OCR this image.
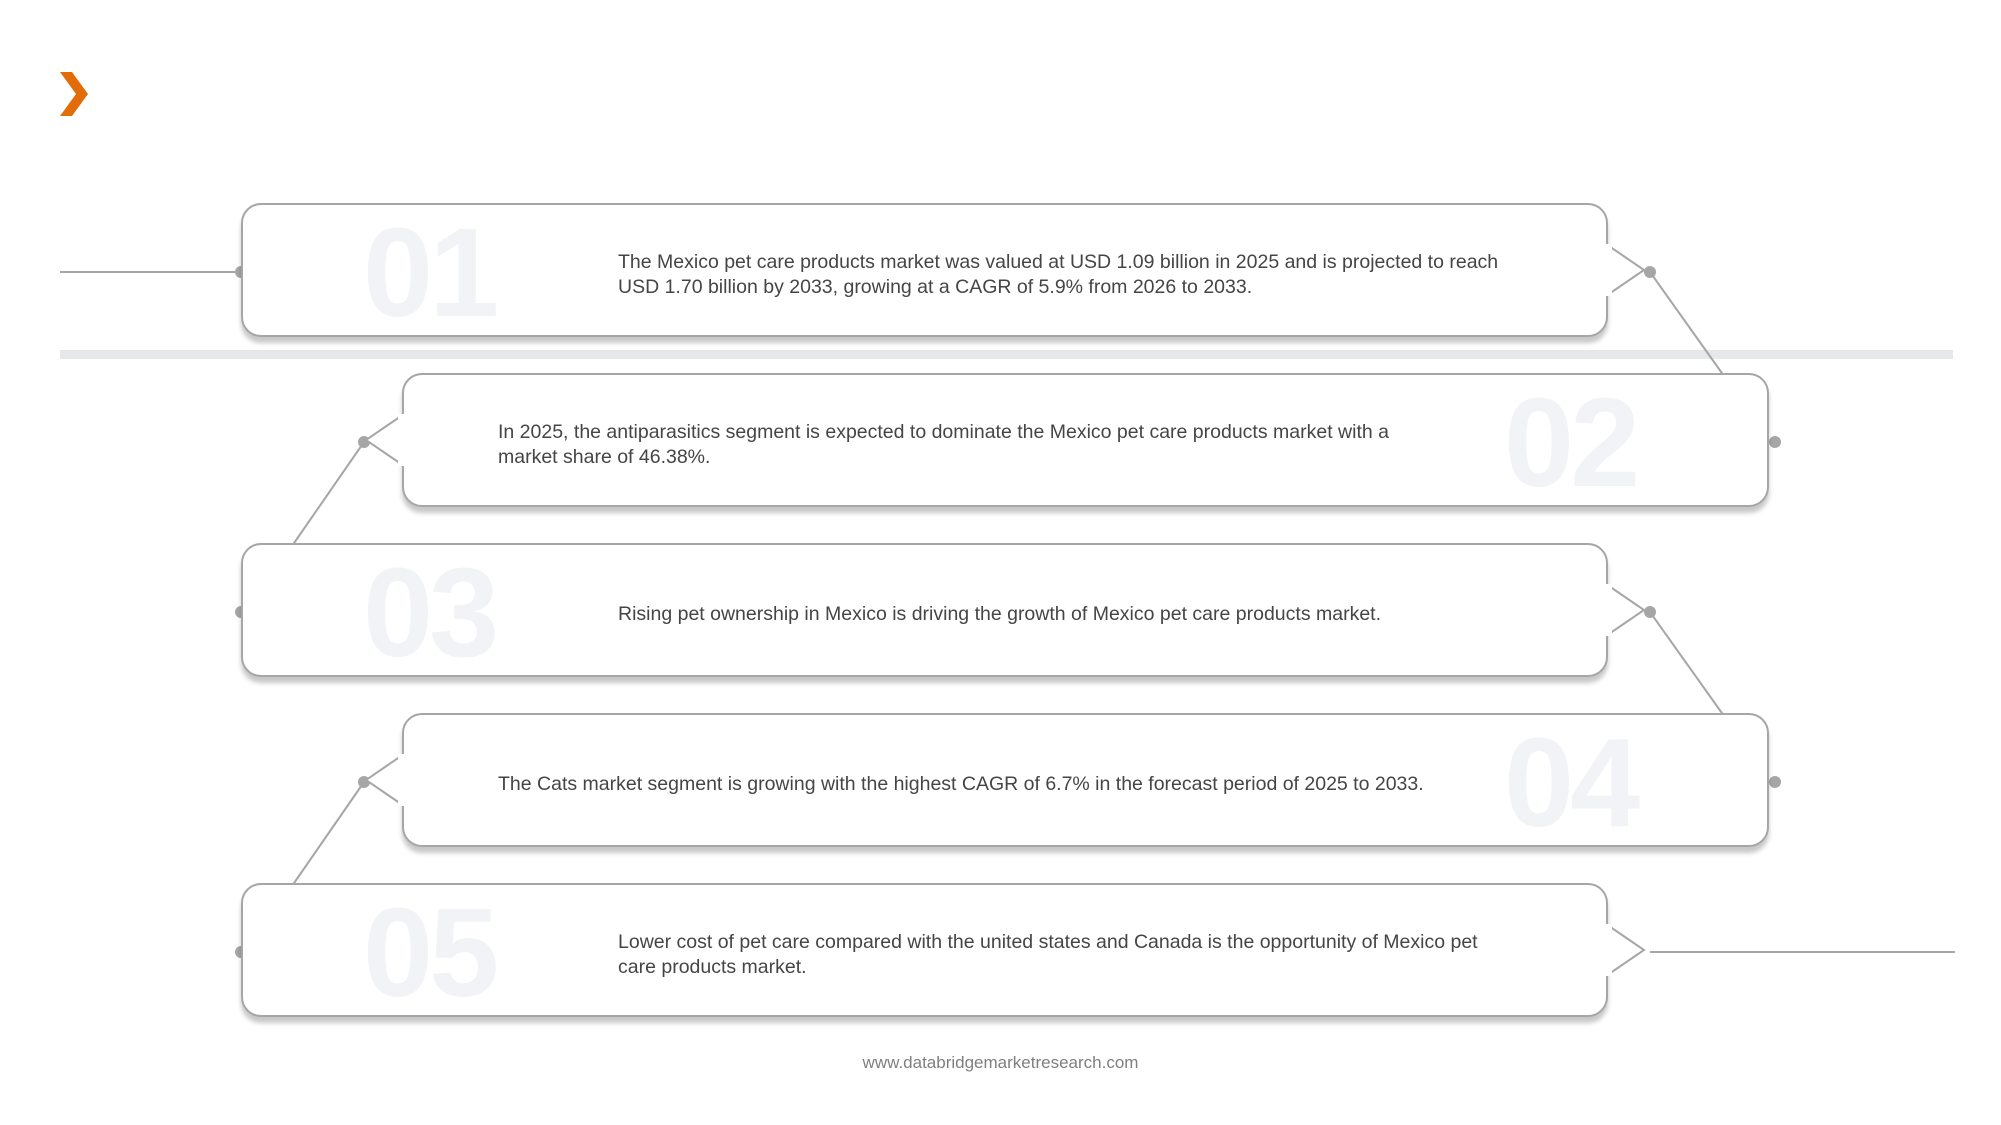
01	The Mexico pet care products market was valued at USD 1.09 billion in 2025 and is projected to reach USD 1.70 billion by 2033, growing at a CAGR of 5.9% from 2026 to 2033.
02
In 2025, the antiparasitics segment is expected to dominate the Mexico pet care products market with a market share of 46.38%.
03	Rising pet ownership in Mexico is driving the growth of Mexico pet care products market.
04
The Cats market segment is growing with the highest CAGR of 6.7% in the forecast period of 2025 to 2033.
05	Lower cost of pet care compared with the united states and Canada is the opportunity of Mexico pet care products market.
www.databridgemarketresearch.com
